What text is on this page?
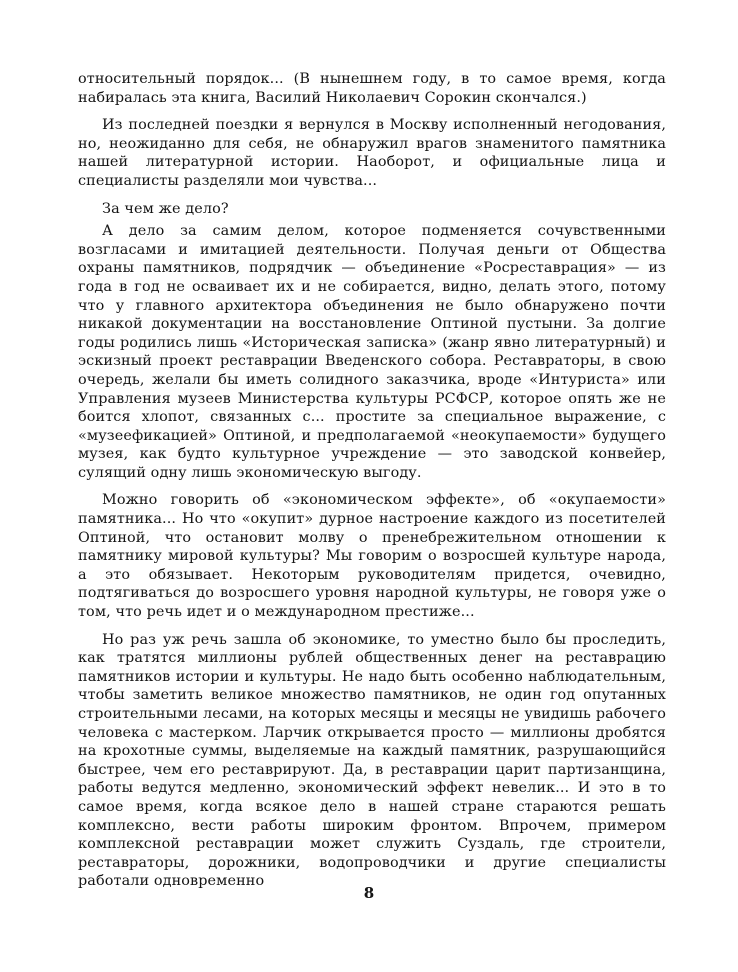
относительный порядок... (В нынешнем году, в то самое время, когда набиралась эта книга, Василий Николаевич Сорокин скончался.)

Из последней поездки я вернулся в Москву исполненный негодования, но, неожиданно для себя, не обнаружил врагов знаменитого памятника нашей литературной истории. Наоборот, и официальные лица и специалисты разделяли мои чувства...

За чем же дело?

А дело за самим делом, которое подменяется сочувственными возгласами и имитацией деятельности. Получая деньги от Общества охраны памятников, подрядчик — объединение «Росреставрация» — из года в год не осваивает их и не собирается, видно, делать этого, потому что у главного архитектора объединения не было обнаружено почти никакой документации на восстановление Оптиной пустыни. За долгие годы родились лишь «Историческая записка» (жанр явно литературный) и эскизный проект реставрации Введенского собора. Реставраторы, в свою очередь, желали бы иметь солидного заказчика, вроде «Интуриста» или Управления музеев Министерства культуры РСФСР, которое опять же не боится хлопот, связанных с... простите за специальное выражение, с «музеефикацией» Оптиной, и предполагаемой «неокупаемости» будущего музея, как будто культурное учреждение — это заводской конвейер, сулящий одну лишь экономическую выгоду.

Можно говорить об «экономическом эффекте», об «окупаемости» памятника... Но что «окупит» дурное настроение каждого из посетителей Оптиной, что остановит молву о пренебрежительном отношении к памятнику мировой культуры? Мы говорим о возросшей культуре народа, а это обязывает. Некоторым руководителям придется, очевидно, подтягиваться до возросшего уровня народной культуры, не говоря уже о том, что речь идет и о международном престиже...

Но раз уж речь зашла об экономике, то уместно было бы проследить, как тратятся миллионы рублей общественных денег на реставрацию памятников истории и культуры. Не надо быть особенно наблюдательным, чтобы заметить великое множество памятников, не один год опутанных строительными лесами, на которых месяцы и месяцы не увидишь рабочего человека с мастерком. Ларчик открывается просто — миллионы дробятся на крохотные суммы, выделяемые на каждый памятник, разрушающийся быстрее, чем его реставрируют. Да, в реставрации царит партизанщина, работы ведутся медленно, экономический эффект невелик... И это в то самое время, когда всякое дело в нашей стране стараются решать комплексно, вести работы широким фронтом. Впрочем, примером комплексной реставрации может служить Суздаль, где строители, реставраторы, дорожники, водопроводчики и другие специалисты работали одновременно

8
